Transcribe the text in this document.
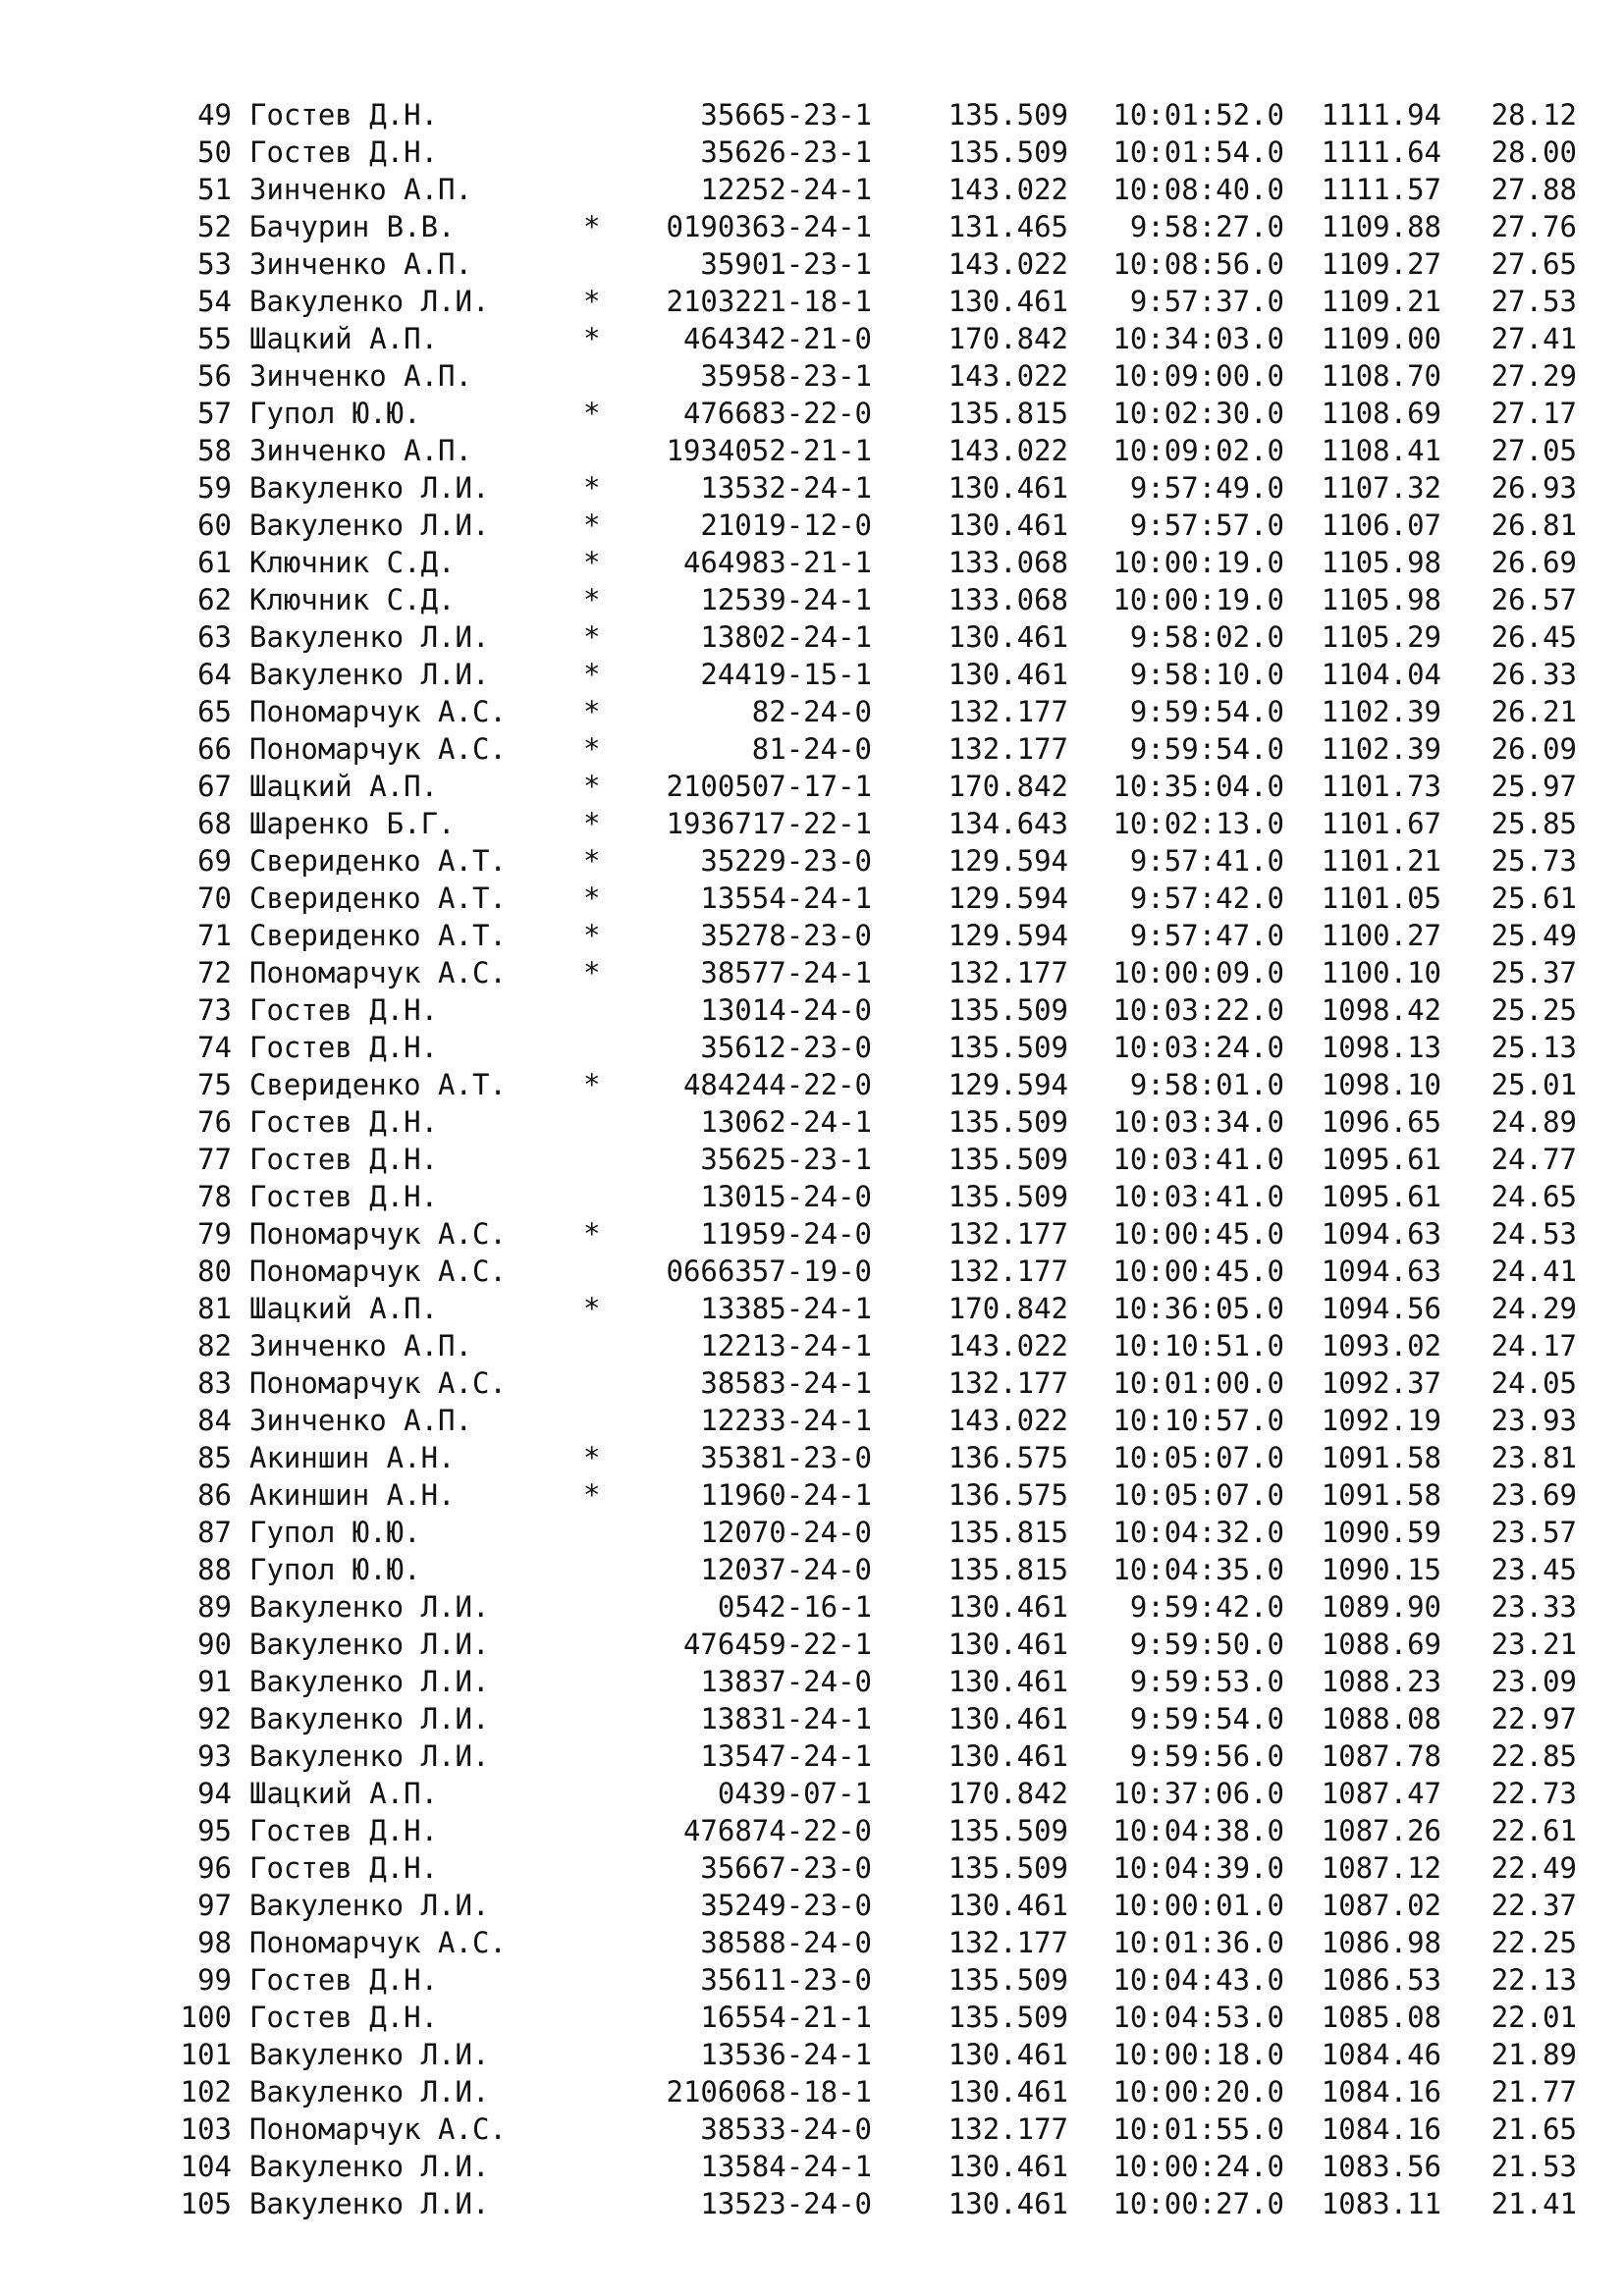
49 Гостев Д.Н.	35665-23-1	135.509	10:01:52.0	1111.94	28.12
50 Гостев Д.Н.	35626-23-1	135.509	10:01:54.0	1111.64	28.00
51 Зинченко А.П.	12252-24-1	143.022	10:08:40.0	1111.57	27.88
52 Бачурин В.В.	*	0190363-24-1	131.465	9:58:27.0	1109.88	27.76
53 Зинченко А.П.	35901-23-1	143.022	10:08:56.0	1109.27	27.65
54 Вакуленко Л.И.	*	2103221-18-1	130.461	9:57:37.0	1109.21	27.53
55 Шацкий А.П.	*	464342-21-0	170.842	10:34:03.0	1109.00	27.41
56 Зинченко А.П.	35958-23-1	143.022	10:09:00.0	1108.70	27.29
57 Гупол Ю.Ю.	*	476683-22-0	135.815	10:02:30.0	1108.69	27.17
58 Зинченко А.П.	1934052-21-1	143.022	10:09:02.0	1108.41	27.05
59 Вакуленко Л.И.	*	13532-24-1	130.461	9:57:49.0	1107.32	26.93
60 Вакуленко Л.И.	*	21019-12-0	130.461	9:57:57.0	1106.07	26.81
61 Ключник С.Д.	*	464983-21-1	133.068	10:00:19.0	1105.98	26.69
62 Ключник С.Д.	*	12539-24-1	133.068	10:00:19.0	1105.98	26.57
63 Вакуленко Л.И.	*	13802-24-1	130.461	9:58:02.0	1105.29	26.45
64 Вакуленко Л.И.	*	24419-15-1	130.461	9:58:10.0	1104.04	26.33
65 Пономарчук А.С.	*	82-24-0	132.177	9:59:54.0	1102.39	26.21
66 Пономарчук А.С.	*	81-24-0	132.177	9:59:54.0	1102.39	26.09
67 Шацкий А.П.	*	2100507-17-1	170.842	10:35:04.0	1101.73	25.97
68 Шаренко Б.Г.	*	1936717-22-1	134.643	10:02:13.0	1101.67	25.85
69 Свериденко А.Т.	*	35229-23-0	129.594	9:57:41.0	1101.21	25.73
70 Свериденко А.Т.	*	13554-24-1	129.594	9:57:42.0	1101.05	25.61
71 Свериденко А.Т.	*	35278-23-0	129.594	9:57:47.0	1100.27	25.49
72 Пономарчук А.С.	*	38577-24-1	132.177	10:00:09.0	1100.10	25.37
73 Гостев Д.Н.	13014-24-0	135.509	10:03:22.0	1098.42	25.25
74 Гостев Д.Н.	35612-23-0	135.509	10:03:24.0	1098.13	25.13
75 Свериденко А.Т.	*	484244-22-0	129.594	9:58:01.0	1098.10	25.01
76 Гостев Д.Н.	13062-24-1	135.509	10:03:34.0	1096.65	24.89
77 Гостев Д.Н.	35625-23-1	135.509	10:03:41.0	1095.61	24.77
78 Гостев Д.Н.	13015-24-0	135.509	10:03:41.0	1095.61	24.65
79 Пономарчук А.С.	*	11959-24-0	132.177	10:00:45.0	1094.63	24.53
80 Пономарчук А.С.	0666357-19-0	132.177	10:00:45.0	1094.63	24.41
81 Шацкий А.П.	*	13385-24-1	170.842	10:36:05.0	1094.56	24.29
82 Зинченко А.П.	12213-24-1	143.022	10:10:51.0	1093.02	24.17
83 Пономарчук А.С.	38583-24-1	132.177	10:01:00.0	1092.37	24.05
84 Зинченко А.П.	12233-24-1	143.022	10:10:57.0	1092.19	23.93
85 Акиншин А.Н.	*	35381-23-0	136.575	10:05:07.0	1091.58	23.81
86 Акиншин А.Н.	*	11960-24-1	136.575	10:05:07.0	1091.58	23.69
87 Гупол Ю.Ю.	12070-24-0	135.815	10:04:32.0	1090.59	23.57
88 Гупол Ю.Ю.	12037-24-0	135.815	10:04:35.0	1090.15	23.45
89 Вакуленко Л.И.	0542-16-1	130.461	9:59:42.0	1089.90	23.33
90 Вакуленко Л.И.	476459-22-1	130.461	9:59:50.0	1088.69	23.21
91 Вакуленко Л.И.	13837-24-0	130.461	9:59:53.0	1088.23	23.09
92 Вакуленко Л.И.	13831-24-1	130.461	9:59:54.0	1088.08	22.97
93 Вакуленко Л.И.	13547-24-1	130.461	9:59:56.0	1087.78	22.85
94 Шацкий А.П.	0439-07-1	170.842	10:37:06.0	1087.47	22.73
95 Гостев Д.Н.	476874-22-0	135.509	10:04:38.0	1087.26	22.61
96 Гостев Д.Н.	35667-23-0	135.509	10:04:39.0	1087.12	22.49
97 Вакуленко Л.И.	35249-23-0	130.461	10:00:01.0	1087.02	22.37
98 Пономарчук А.С.	38588-24-0	132.177	10:01:36.0	1086.98	22.25
99 Гостев Д.Н.	35611-23-0	135.509	10:04:43.0	1086.53	22.13
100 Гостев Д.Н.	16554-21-1	135.509	10:04:53.0	1085.08	22.01
101 Вакуленко Л.И.	13536-24-1	130.461	10:00:18.0	1084.46	21.89
102 Вакуленко Л.И.	2106068-18-1	130.461	10:00:20.0	1084.16	21.77
103 Пономарчук А.С.	38533-24-0	132.177	10:01:55.0	1084.16	21.65
104 Вакуленко Л.И.	13584-24-1	130.461	10:00:24.0	1083.56	21.53
105 Вакуленко Л.И.	13523-24-0	130.461	10:00:27.0	1083.11	21.41
